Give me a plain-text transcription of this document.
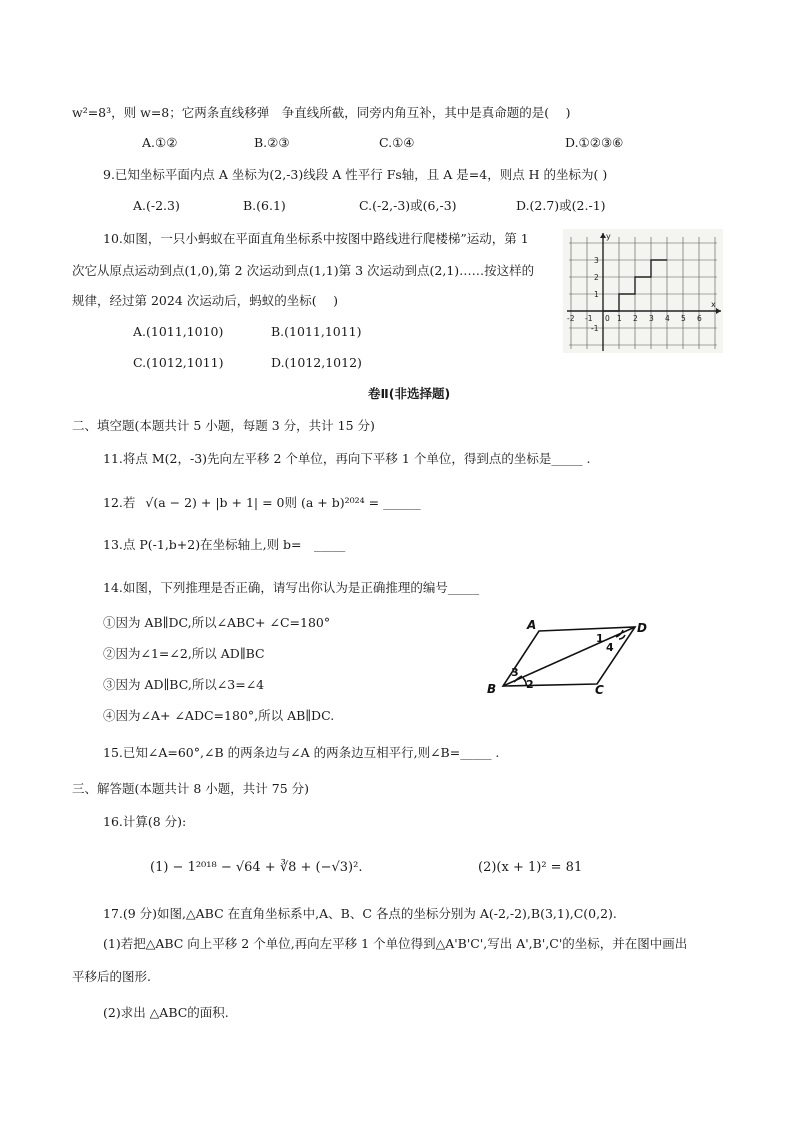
w²=8³，则 w=8；它两条直线移弹　争直线所截，同旁内角互补，其中是真命题的是(　 )
A.①②	B.②③	C.①④	D.①②③⑥
9.已知坐标平面内点 A 坐标为(2,-3)线段 A 性平行 Fs轴，且 A 是=4，则点 H 的坐标为( )
A.(-2.3)	B.(6.1)	C.(-2,-3)或(6,-3)	D.(2.7)或(2.-1)
10.如图，一只小蚂蚁在平面直角坐标系中按图中路线进行爬楼梯”运动，第 1
次它从原点运动到点(1,0),第 2 次运动到点(1,1)第 3 次运动到点(2,1)……按这样的
规律，经过第 2024 次运动后，蚂蚁的坐标(　 )
A.(1011,1010)	B.(1011,1011)
C.(1012,1011)	D.(1012,1012)
x
y
-2 -1 0 1 2 3 4 5 6
3
2
1
-1
卷Ⅱ(非选择题)
二、填空题(本题共计 5 小题，每题 3 分，共计 15 分)
11.将点 M(2，-3)先向左平移 2 个单位，再向下平移 1 个单位，得到点的坐标是_____ .
12.若 √(a − 2) + |b + 1| = 0则 (a + b)²⁰²⁴ = ______
13.点 P(-1,b+2)在坐标轴上,则 b=　_____
14.如图，下列推理是否正确，请写出你认为是正确推理的编号_____
①因为 AB∥DC,所以∠ABC+ ∠C=180°
②因为∠1=∠2,所以 AD∥BC
③因为 AD∥BC,所以∠3=∠4
④因为∠A+ ∠ADC=180°,所以 AB∥DC.
A
B	C
D
1
2
3
4
15.已知∠A=60°,∠B 的两条边与∠A 的两条边互相平行,则∠B=_____ .
三、解答题(本题共计 8 小题，共计 75 分)
16.计算(8 分):
(1) − 1²⁰¹⁸ − √64 + ∛8 + (−√3)².	(2)(x + 1)² = 81
17.(9 分)如图,△ABC 在直角坐标系中,A、B、C 各点的坐标分别为 A(-2,-2),B(3,1),C(0,2).
(1)若把△ABC 向上平移 2 个单位,再向左平移 1 个单位得到△A'B'C',写出 A',B',C'的坐标，并在图中画出
平移后的图形.
(2)求出 △ABC的面积.
